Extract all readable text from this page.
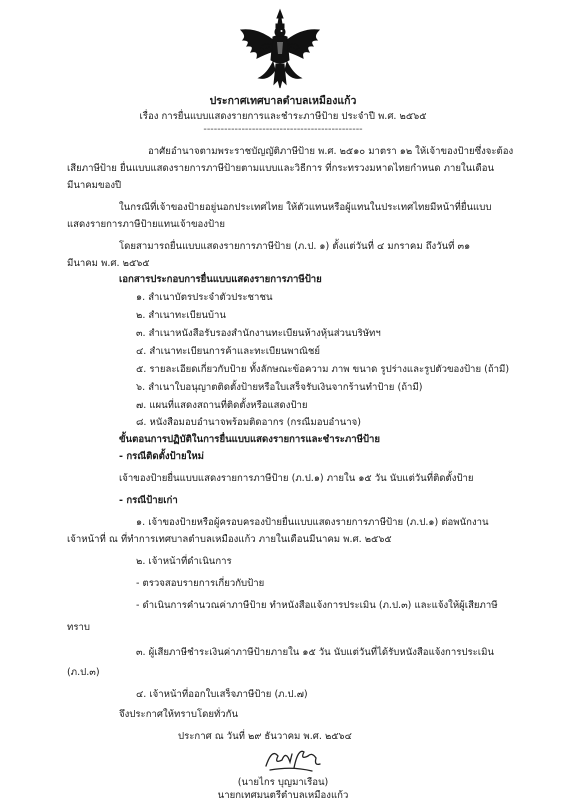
ประกาศเทศบาลตำบลเหมืองแก้ว
เรื่อง การยื่นแบบแสดงรายการและชำระภาษีป้าย ประจำปี พ.ศ. ๒๕๖๕
----------------------------------------------
อาศัยอำนาจตามพระราชบัญญัติภาษีป้าย พ.ศ. ๒๕๑๐ มาตรา ๑๒ ให้เจ้าของป้ายซึ่งจะต้อง
เสียภาษีป้าย ยื่นแบบแสดงรายการภาษีป้ายตามแบบและวิธีการ ที่กระทรวงมหาดไทยกำหนด ภายในเดือน
มีนาคมของปี
ในกรณีที่เจ้าของป้ายอยู่นอกประเทศไทย ให้ตัวแทนหรือผู้แทนในประเทศไทยมีหน้าที่ยื่นแบบ
แสดงรายการภาษีป้ายแทนเจ้าของป้าย
โดยสามารถยื่นแบบแสดงรายการภาษีป้าย (ภ.ป. ๑) ตั้งแต่วันที่ ๔ มกราคม ถึงวันที่ ๓๑
มีนาคม พ.ศ. ๒๕๖๕
เอกสารประกอบการยื่นแบบแสดงรายการภาษีป้าย
๑. สำเนาบัตรประจำตัวประชาชน
๒. สำเนาทะเบียนบ้าน
๓. สำเนาหนังสือรับรองสำนักงานทะเบียนห้างหุ้นส่วนบริษัทฯ
๔. สำเนาทะเบียนการค้าและทะเบียนพาณิชย์
๕. รายละเอียดเกี่ยวกับป้าย ทั้งลักษณะข้อความ ภาพ ขนาด รูปร่างและรูปตัวของป้าย (ถ้ามี)
๖. สำเนาใบอนุญาตติดตั้งป้ายหรือใบเสร็จรับเงินจากร้านทำป้าย (ถ้ามี)
๗. แผนที่แสดงสถานที่ติดตั้งหรือแสดงป้าย
๘. หนังสือมอบอำนาจพร้อมติดอากร (กรณีมอบอำนาจ)
ขั้นตอนการปฏิบัติในการยื่นแบบแสดงรายการและชำระภาษีป้าย
- กรณีติดตั้งป้ายใหม่
เจ้าของป้ายยื่นแบบแสดงรายการภาษีป้าย (ภ.ป.๑) ภายใน ๑๕ วัน นับแต่วันที่ติดตั้งป้าย
- กรณีป้ายเก่า
๑. เจ้าของป้ายหรือผู้ครอบครองป้ายยื่นแบบแสดงรายการภาษีป้าย (ภ.ป.๑) ต่อพนักงาน
เจ้าหน้าที่ ณ ที่ทำการเทศบาลตำบลเหมืองแก้ว ภายในเดือนมีนาคม พ.ศ. ๒๕๖๕
๒. เจ้าหน้าที่ดำเนินการ
- ตรวจสอบรายการเกี่ยวกับป้าย
- ดำเนินการคำนวณค่าภาษีป้าย ทำหนังสือแจ้งการประเมิน (ภ.ป.๓) และแจ้งให้ผู้เสียภาษี
ทราบ
๓. ผู้เสียภาษีชำระเงินค่าภาษีป้ายภายใน ๑๕ วัน นับแต่วันที่ได้รับหนังสือแจ้งการประเมิน
(ภ.ป.๓)
๔. เจ้าหน้าที่ออกใบเสร็จภาษีป้าย (ภ.ป.๗)
จึงประกาศให้ทราบโดยทั่วกัน
ประกาศ ณ วันที่ ๒๙ ธันวาคม พ.ศ. ๒๕๖๔
(นายไกร บุญมาเรือน)
นายกเทศมนตรีตำบลเหมืองแก้ว
